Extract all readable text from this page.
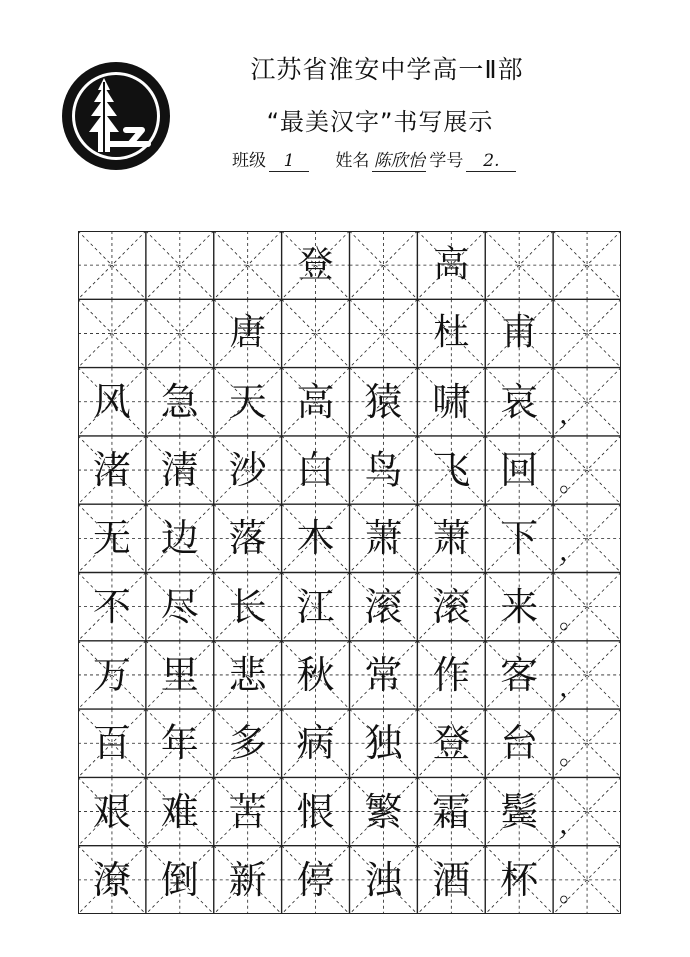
江苏省淮安中学高一Ⅱ部
“最美汉字”书写展示
班级 1 姓名 陈欣怡 学号 2.
登	高
唐	杜 甫
风 急 天 高 猿 啸 哀 ，
渚 清 沙 白 鸟 飞 回 。
无 边 落 木 萧 萧 下 ，
不 尽 长 江 滚 滚 来 。
万 里 悲 秋 常 作 客 ，
百 年 多 病 独 登 台 。
艰 难 苦 恨 繁 霜 鬓 ，
潦 倒 新 停 浊 酒 杯 。
